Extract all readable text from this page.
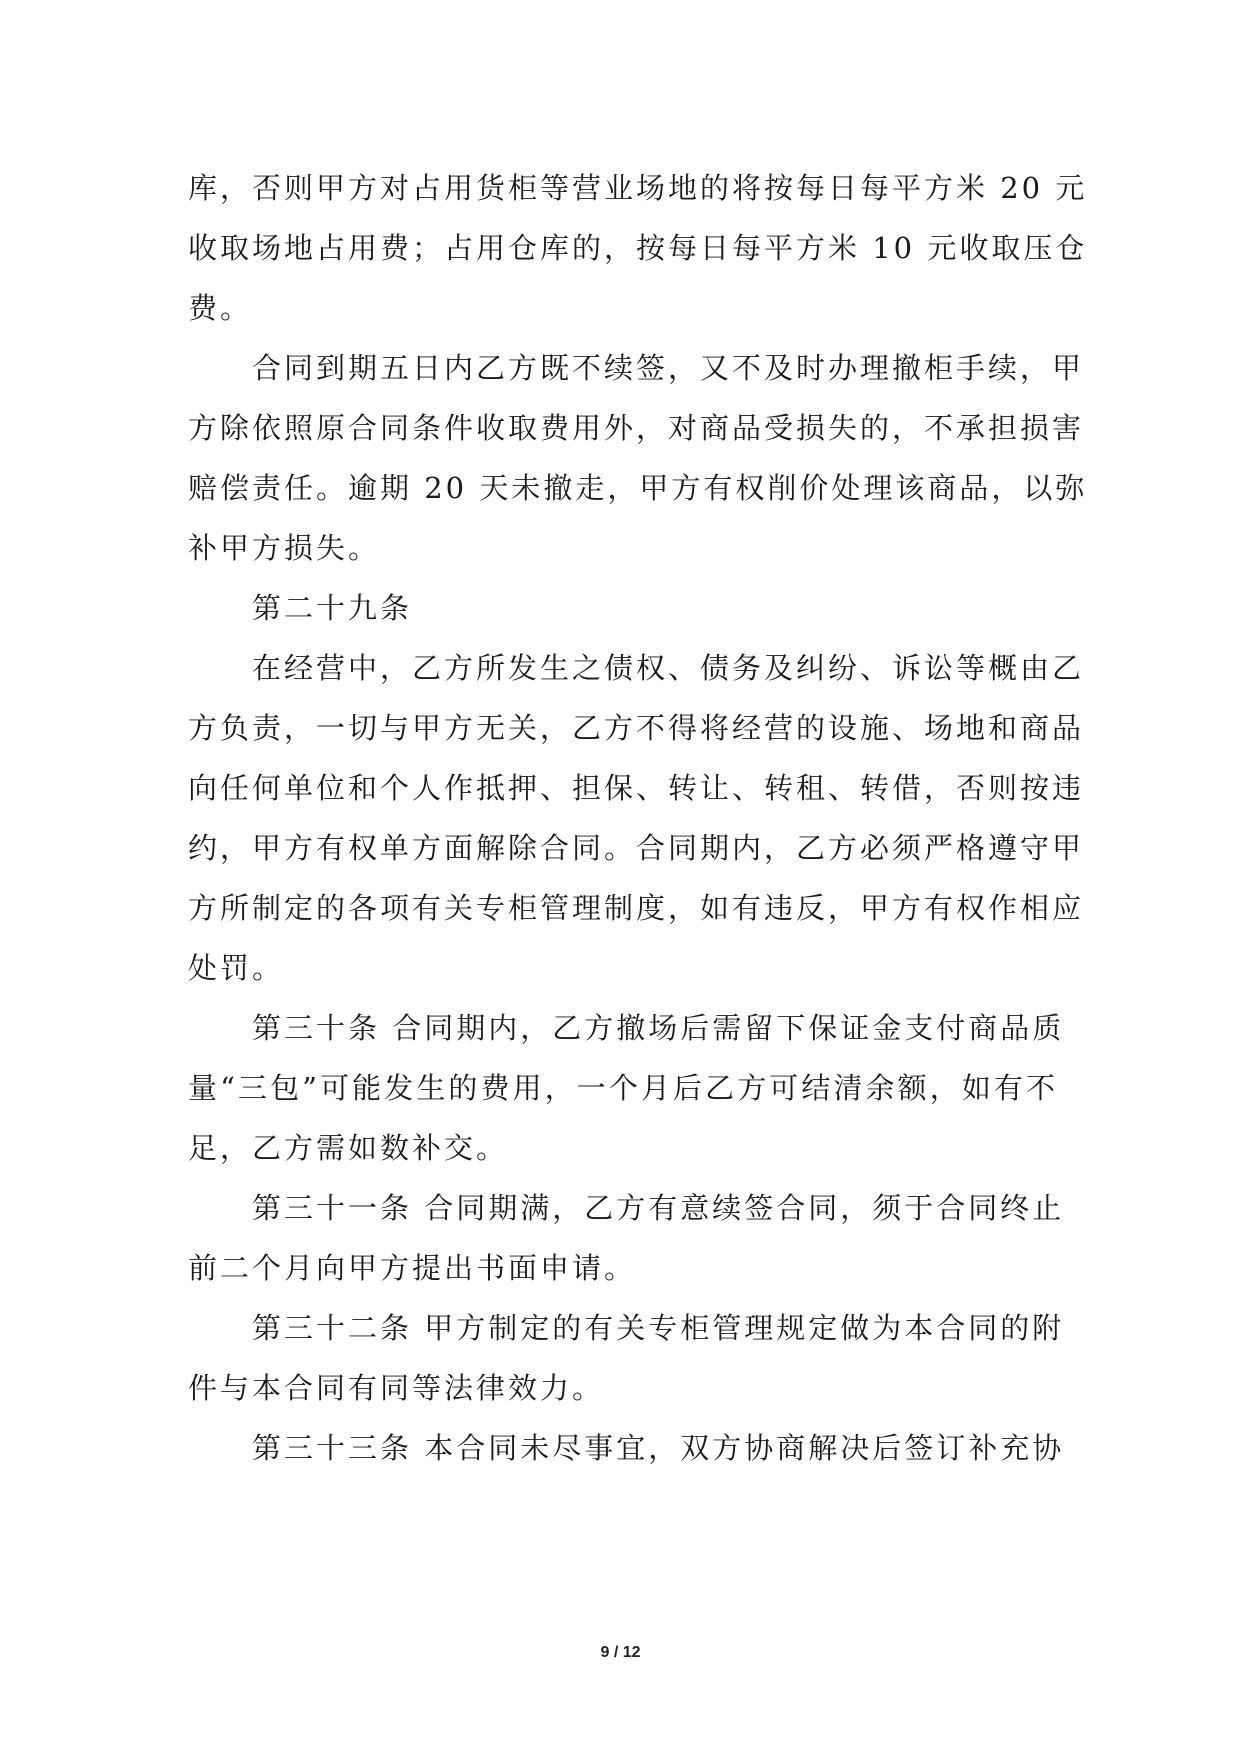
库，否则甲方对占用货柜等营业场地的将按每日每平方米 20 元
收取场地占用费；占用仓库的，按每日每平方米 10 元收取压仓
费。
合同到期五日内乙方既不续签，又不及时办理撤柜手续，甲
方除依照原合同条件收取费用外，对商品受损失的，不承担损害
赔偿责任。逾期 20 天未撤走，甲方有权削价处理该商品，以弥
补甲方损失。
第二十九条
在经营中，乙方所发生之债权、债务及纠纷、诉讼等概由乙
方负责，一切与甲方无关，乙方不得将经营的设施、场地和商品
向任何单位和个人作抵押、担保、转让、转租、转借，否则按违
约，甲方有权单方面解除合同。合同期内，乙方必须严格遵守甲
方所制定的各项有关专柜管理制度，如有违反，甲方有权作相应
处罚。
第三十条 合同期内，乙方撤场后需留下保证金支付商品质
量“三包”可能发生的费用，一个月后乙方可结清余额，如有不
足，乙方需如数补交。
第三十一条 合同期满，乙方有意续签合同，须于合同终止
前二个月向甲方提出书面申请。
第三十二条 甲方制定的有关专柜管理规定做为本合同的附
件与本合同有同等法律效力。
第三十三条 本合同未尽事宜，双方协商解决后签订补充协
9 / 12
